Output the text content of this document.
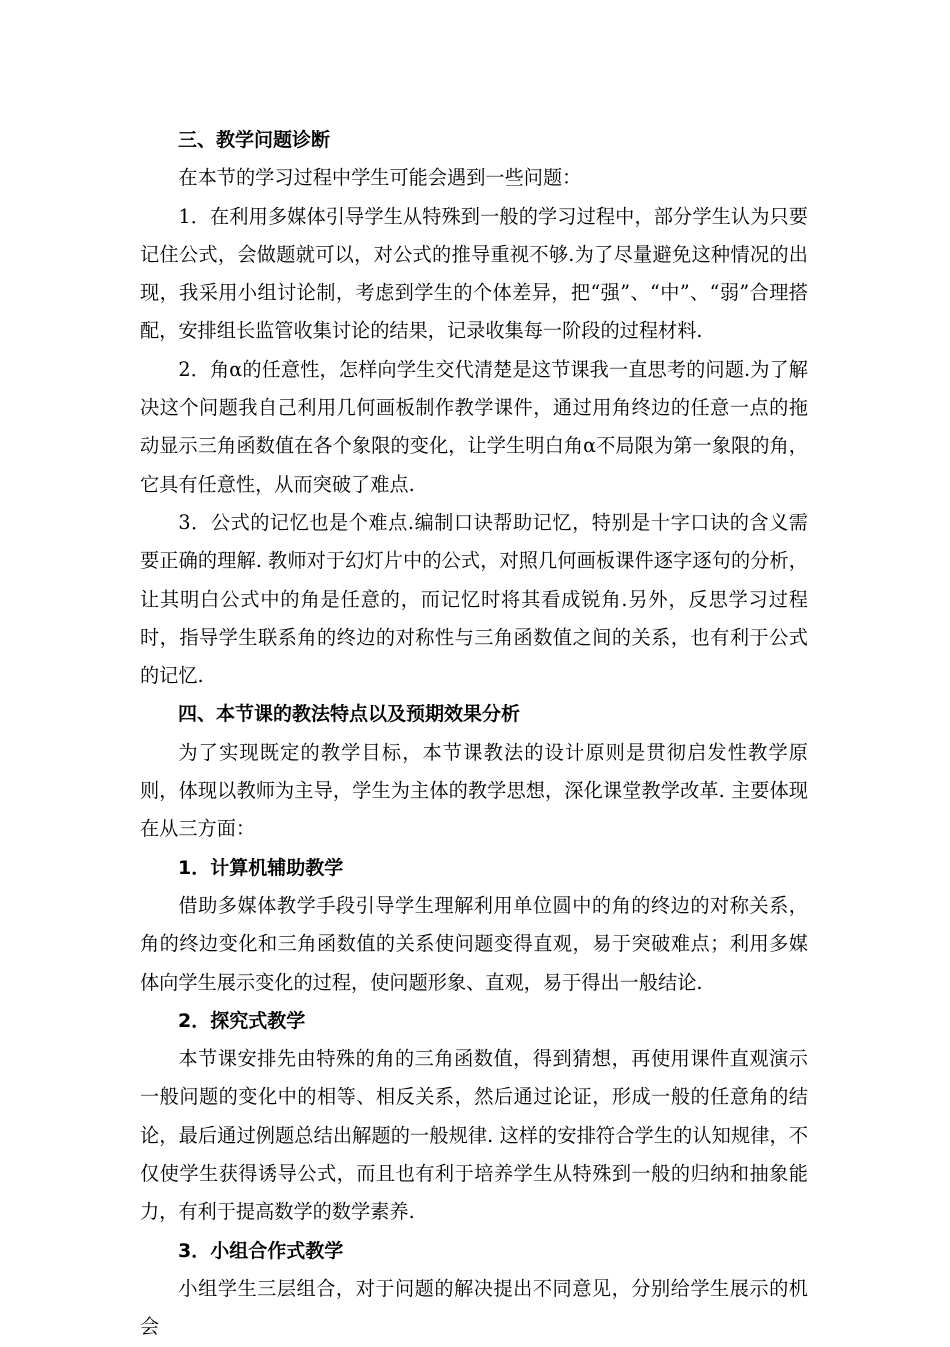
三、教学问题诊断

在本节的学习过程中学生可能会遇到一些问题：

1．在利用多媒体引导学生从特殊到一般的学习过程中，部分学生认为只要记住公式，会做题就可以，对公式的推导重视不够.为了尽量避免这种情况的出现，我采用小组讨论制，考虑到学生的个体差异，把“强”、“中”、“弱”合理搭配，安排组长监管收集讨论的结果，记录收集每一阶段的过程材料.

2．角α的任意性，怎样向学生交代清楚是这节课我一直思考的问题.为了解决这个问题我自己利用几何画板制作教学课件，通过用角终边的任意一点的拖动显示三角函数值在各个象限的变化，让学生明白角α不局限为第一象限的角，它具有任意性，从而突破了难点.

3．公式的记忆也是个难点.编制口诀帮助记忆，特别是十字口诀的含义需要正确的理解. 教师对于幻灯片中的公式，对照几何画板课件逐字逐句的分析，让其明白公式中的角是任意的，而记忆时将其看成锐角.另外，反思学习过程时，指导学生联系角的终边的对称性与三角函数值之间的关系，也有利于公式的记忆.

四、本节课的教法特点以及预期效果分析

为了实现既定的教学目标，本节课教法的设计原则是贯彻启发性教学原则，体现以教师为主导，学生为主体的教学思想，深化课堂教学改革. 主要体现在从三方面：

1．计算机辅助教学

借助多媒体教学手段引导学生理解利用单位圆中的角的终边的对称关系，角的终边变化和三角函数值的关系使问题变得直观，易于突破难点；利用多媒体向学生展示变化的过程，使问题形象、直观，易于得出一般结论.

2．探究式教学

本节课安排先由特殊的角的三角函数值，得到猜想，再使用课件直观演示一般问题的变化中的相等、相反关系，然后通过论证，形成一般的任意角的结论，最后通过例题总结出解题的一般规律. 这样的安排符合学生的认知规律，不仅使学生获得诱导公式，而且也有利于培养学生从特殊到一般的归纳和抽象能力，有利于提高数学的数学素养.

3．小组合作式教学

小组学生三层组合，对于问题的解决提出不同意见，分别给学生展示的机会
